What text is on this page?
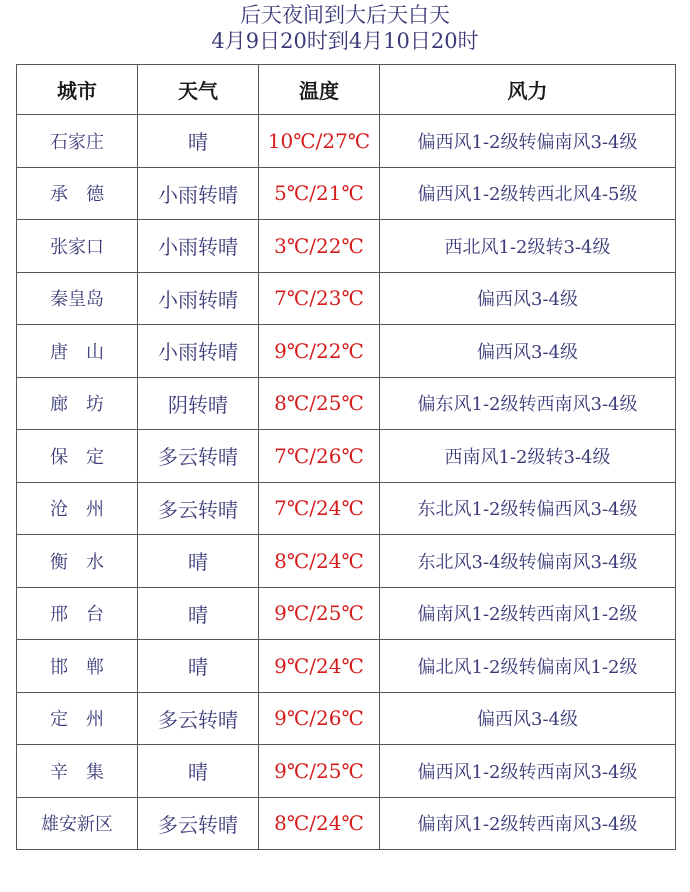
后天夜间到大后天白天
4月9日20时到4月10日20时
城市	天气	温度	风力
石家庄	晴	10℃/27℃	偏西风1-2级转偏南风3-4级
承　德	小雨转晴	5℃/21℃	偏西风1-2级转西北风4-5级
张家口	小雨转晴	3℃/22℃	西北风1-2级转3-4级
秦皇岛	小雨转晴	7℃/23℃	偏西风3-4级
唐　山	小雨转晴	9℃/22℃	偏西风3-4级
廊　坊	阴转晴	8℃/25℃	偏东风1-2级转西南风3-4级
保　定	多云转晴	7℃/26℃	西南风1-2级转3-4级
沧　州	多云转晴	7℃/24℃	东北风1-2级转偏西风3-4级
衡　水	晴	8℃/24℃	东北风3-4级转偏南风3-4级
邢　台	晴	9℃/25℃	偏南风1-2级转西南风1-2级
邯　郸	晴	9℃/24℃	偏北风1-2级转偏南风1-2级
定　州	多云转晴	9℃/26℃	偏西风3-4级
辛　集	晴	9℃/25℃	偏西风1-2级转西南风3-4级
雄安新区	多云转晴	8℃/24℃	偏南风1-2级转西南风3-4级
